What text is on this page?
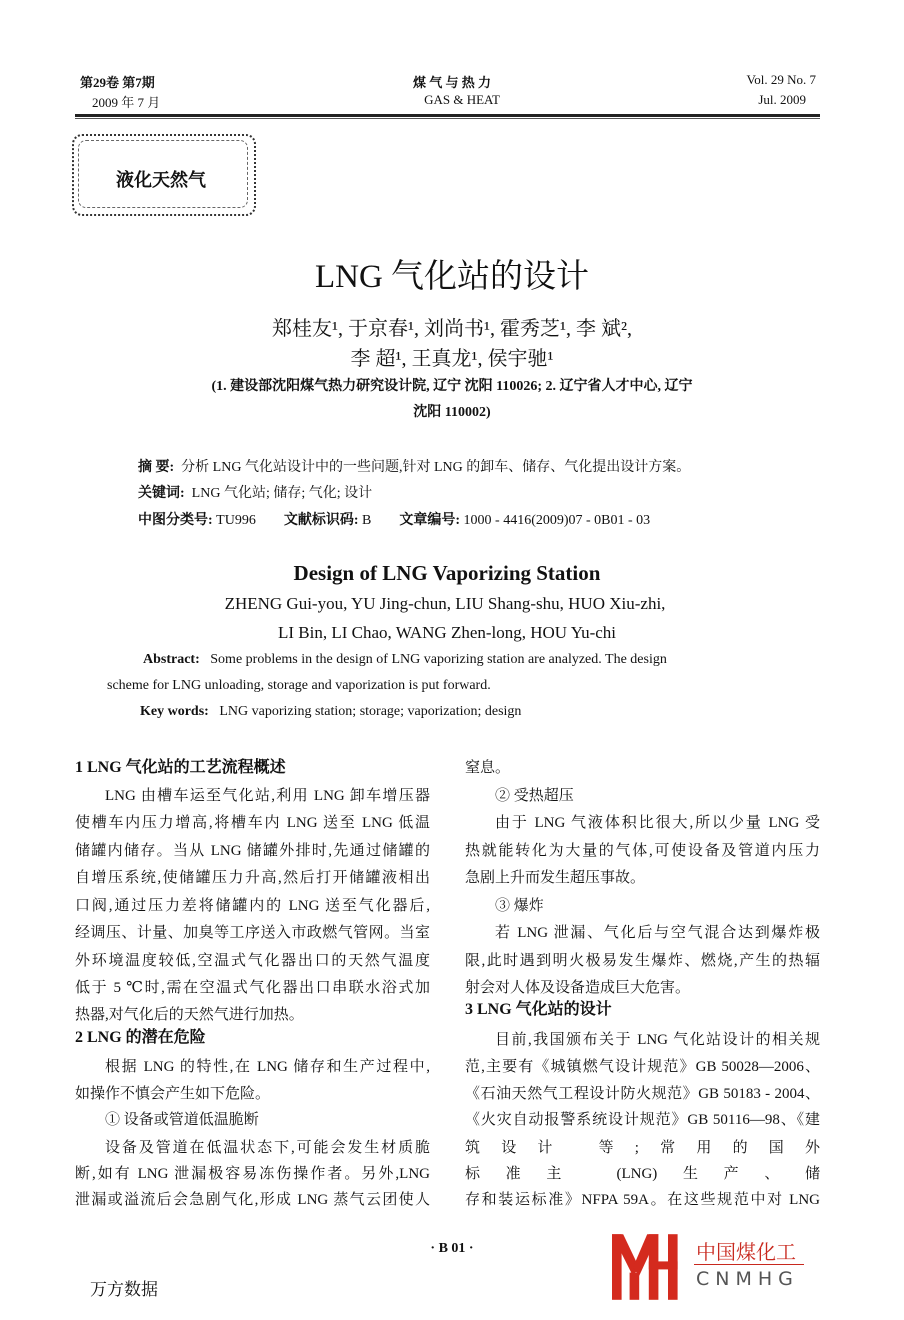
第29卷 第7期
2009 年 7 月
煤 气 与 热 力
GAS & HEAT
Vol. 29 No. 7
Jul. 2009
液化天然气
LNG 气化站的设计
郑桂友¹, 于京春¹, 刘尚书¹, 霍秀芝¹, 李 斌²,
李 超¹, 王真龙¹, 侯宇驰¹
(1. 建设部沈阳煤气热力研究设计院, 辽宁 沈阳 110026; 2. 辽宁省人才中心, 辽宁
沈阳 110002)
摘 要: 分析 LNG 气化站设计中的一些问题,针对 LNG 的卸车、储存、气化提出设计方案。
关键词: LNG 气化站; 储存; 气化; 设计
中图分类号: TU996 文献标识码: B 文章编号: 1000 - 4416(2009)07 - 0B01 - 03
Design of LNG Vaporizing Station
ZHENG Gui-you, YU Jing-chun, LIU Shang-shu, HUO Xiu-zhi,
LI Bin, LI Chao, WANG Zhen-long, HOU Yu-chi
Abstract: Some problems in the design of LNG vaporizing station are analyzed. The design
scheme for LNG unloading, storage and vaporization is put forward.
Key words: LNG vaporizing station; storage; vaporization; design
1 LNG 气化站的工艺流程概述
LNG 由槽车运至气化站,利用 LNG 卸车增压器
使槽车内压力增高,将槽车内 LNG 送至 LNG 低温
储罐内储存。当从 LNG 储罐外排时,先通过储罐的
自增压系统,使储罐压力升高,然后打开储罐液相出
口阀,通过压力差将储罐内的 LNG 送至气化器后,
经调压、计量、加臭等工序送入市政燃气管网。当室
外环境温度较低,空温式气化器出口的天然气温度
低于 5 ℃时,需在空温式气化器出口串联水浴式加
热器,对气化后的天然气进行加热。
2 LNG 的潜在危险
根据 LNG 的特性,在 LNG 储存和生产过程中,
如操作不慎会产生如下危险。
① 设备或管道低温脆断
设备及管道在低温状态下,可能会发生材质脆
断,如有 LNG 泄漏极容易冻伤操作者。另外,LNG
泄漏或溢流后会急剧气化,形成 LNG 蒸气云团使人
窒息。
② 受热超压
由于 LNG 气液体积比很大,所以少量 LNG 受
热就能转化为大量的气体,可使设备及管道内压力
急剧上升而发生超压事故。
③ 爆炸
若 LNG 泄漏、气化后与空气混合达到爆炸极
限,此时遇到明火极易发生爆炸、燃烧,产生的热辐
射会对人体及设备造成巨大危害。
3 LNG 气化站的设计
目前,我国颁布关于 LNG 气化站设计的相关规
范,主要有《城镇燃气设计规范》GB 50028—2006、
《石油天然气工程设计防火规范》GB 50183 - 2004、
《火灾自动报警系统设计规范》GB 50116—98、《建
筑设计 等;常用的国外
标准主 (LNG)生产、储
存和装运标准》NFPA 59A。在这些规范中对 LNG
中国煤化工
CNMHG
· B 01 ·
万方数据
